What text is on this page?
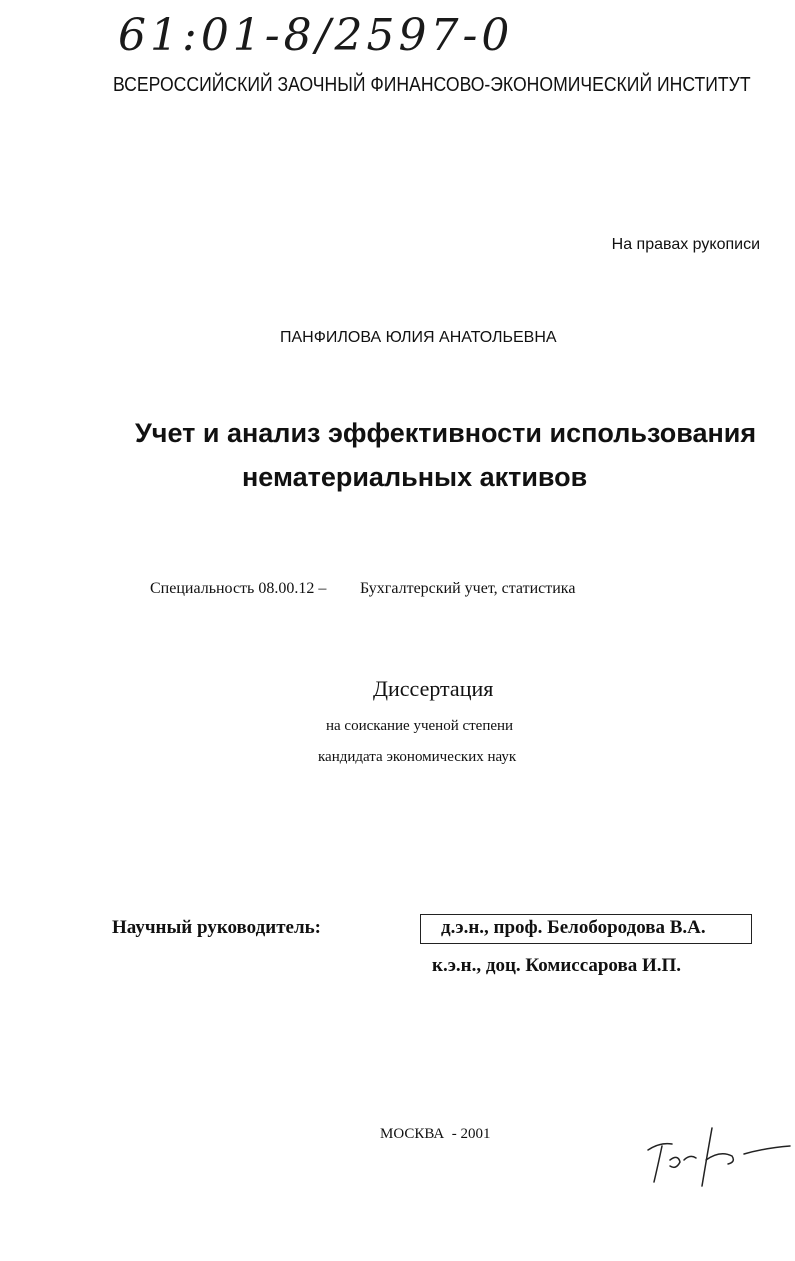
61:01-8/2597-0
ВСЕРОССИЙСКИЙ ЗАОЧНЫЙ ФИНАНСОВО-ЭКОНОМИЧЕСКИЙ ИНСТИТУТ
На правах рукописи
ПАНФИЛОВА ЮЛИЯ АНАТОЛЬЕВНА
Учет и анализ эффективности использования
нематериальных активов
Специальность 08.00.12 – Бухгалтерский учет, статистика
Диссертация
на соискание ученой степени
кандидата экономических наук
Научный руководитель:	д.э.н., проф. Белобородова В.А.
к.э.н., доц. Комиссарова И.П.
МОСКВА  - 2001
